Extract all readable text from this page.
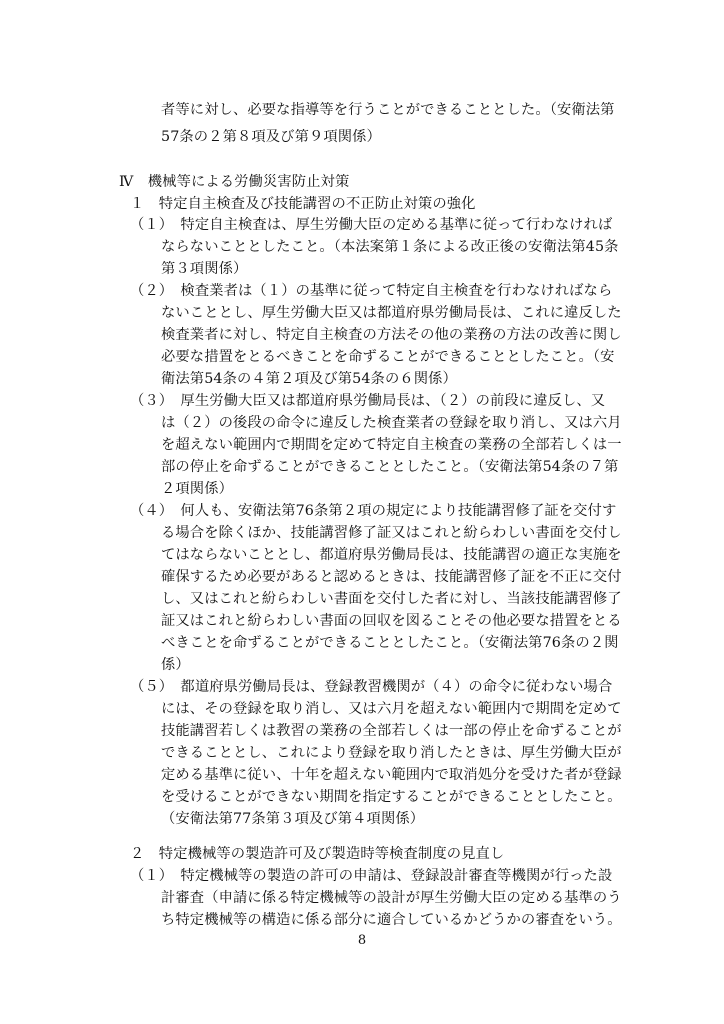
者等に対し、必要な指導等を行うことができることとした。（安衛法第
57条の２第８項及び第９項関係）
Ⅳ　機械等による労働災害防止対策
１　特定自主検査及び技能講習の不正防止対策の強化
（１）　特定自主検査は、厚生労働大臣の定める基準に従って行わなければ
ならないこととしたこと。（本法案第１条による改正後の安衛法第45条
第３項関係）
（２）　検査業者は（１）の基準に従って特定自主検査を行わなければなら
ないこととし、厚生労働大臣又は都道府県労働局長は、これに違反した
検査業者に対し、特定自主検査の方法その他の業務の方法の改善に関し
必要な措置をとるべきことを命ずることができることとしたこと。（安
衛法第54条の４第２項及び第54条の６関係）
（３）　厚生労働大臣又は都道府県労働局長は、（２）の前段に違反し、又
は（２）の後段の命令に違反した検査業者の登録を取り消し、又は六月
を超えない範囲内で期間を定めて特定自主検査の業務の全部若しくは一
部の停止を命ずることができることとしたこと。（安衛法第54条の７第
２項関係）
（４）　何人も、安衛法第76条第２項の規定により技能講習修了証を交付す
る場合を除くほか、技能講習修了証又はこれと紛らわしい書面を交付し
てはならないこととし、都道府県労働局長は、技能講習の適正な実施を
確保するため必要があると認めるときは、技能講習修了証を不正に交付
し、又はこれと紛らわしい書面を交付した者に対し、当該技能講習修了
証又はこれと紛らわしい書面の回収を図ることその他必要な措置をとる
べきことを命ずることができることとしたこと。（安衛法第76条の２関
係）
（５）　都道府県労働局長は、登録教習機関が（４）の命令に従わない場合
には、その登録を取り消し、又は六月を超えない範囲内で期間を定めて
技能講習若しくは教習の業務の全部若しくは一部の停止を命ずることが
できることとし、これにより登録を取り消したときは、厚生労働大臣が
定める基準に従い、十年を超えない範囲内で取消処分を受けた者が登録
を受けることができない期間を指定することができることとしたこと。
（安衛法第77条第３項及び第４項関係）
２　特定機械等の製造許可及び製造時等検査制度の見直し
（１）　特定機械等の製造の許可の申請は、登録設計審査等機関が行った設
計審査（申請に係る特定機械等の設計が厚生労働大臣の定める基準のう
ち特定機械等の構造に係る部分に適合しているかどうかの審査をいう。
8
